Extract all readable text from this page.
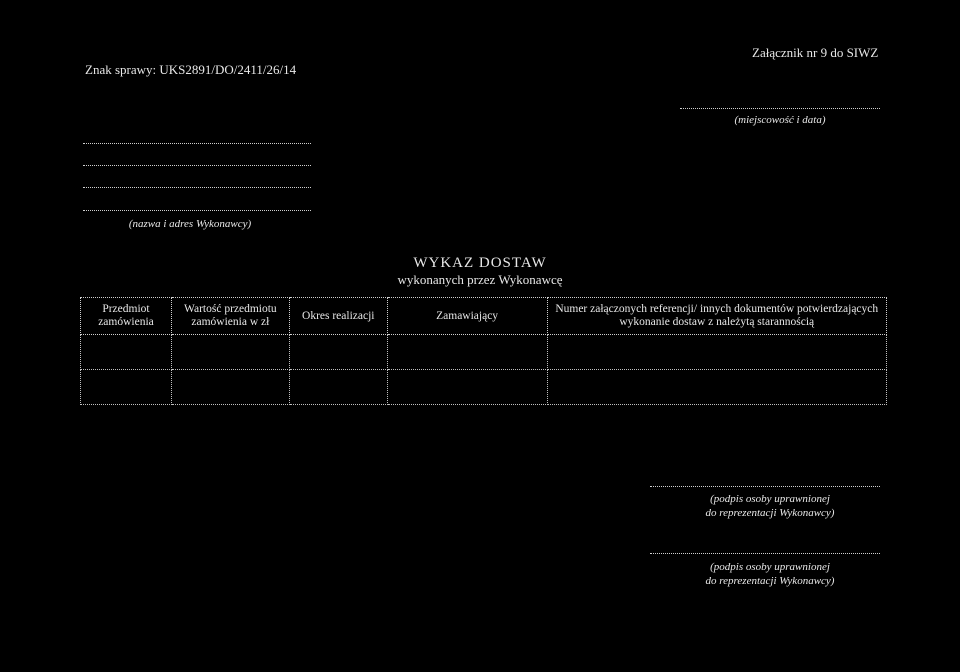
Załącznik nr 9 do SIWZ
Znak sprawy: UKS2891/DO/2411/26/14
(miejscowość i data)
(nazwa i adres Wykonawcy)
WYKAZ DOSTAW
wykonanych przez Wykonawcę
Przedmiot zamówienia	Wartość przedmiotu zamówienia w zł	Okres realizacji	Zamawiający	Numer załączonych referencji/ innych dokumentów potwierdzających wykonanie dostaw z należytą starannością

(podpis osoby uprawnionej
do reprezentacji Wykonawcy)
(podpis osoby uprawnionej
do reprezentacji Wykonawcy)
